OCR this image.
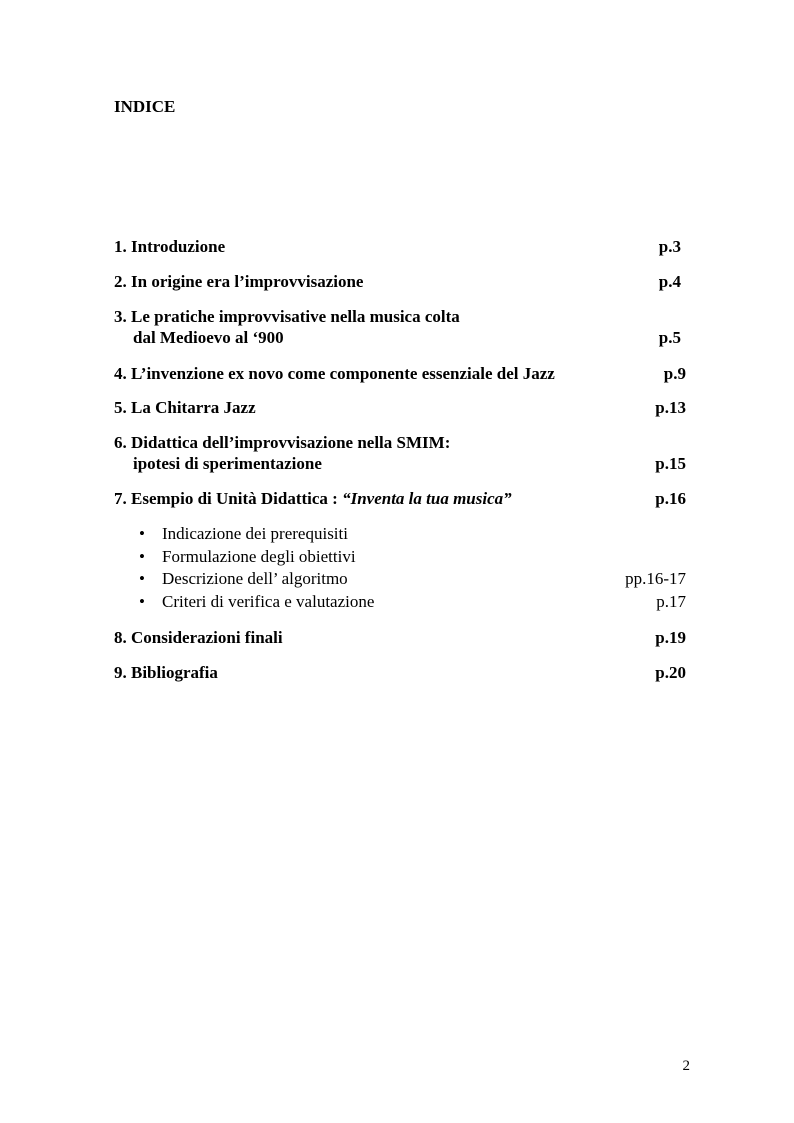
INDICE
1. Introduzione	p.3
2. In origine era l’improvvisazione	p.4
3. Le pratiche improvvisative nella musica colta
dal Medioevo al ‘900	p.5
4. L’invenzione ex novo come componente essenziale del Jazz	p.9
5. La Chitarra Jazz	p.13
6. Didattica dell’improvvisazione nella SMIM:
ipotesi di sperimentazione	p.15
7. Esempio di Unità Didattica : “Inventa la tua musica”	p.16
• Indicazione dei prerequisiti
• Formulazione degli obiettivi
• Descrizione dell’ algoritmo	pp.16-17
• Criteri di verifica e valutazione	p.17
8. Considerazioni finali	p.19
9. Bibliografia	p.20
2
